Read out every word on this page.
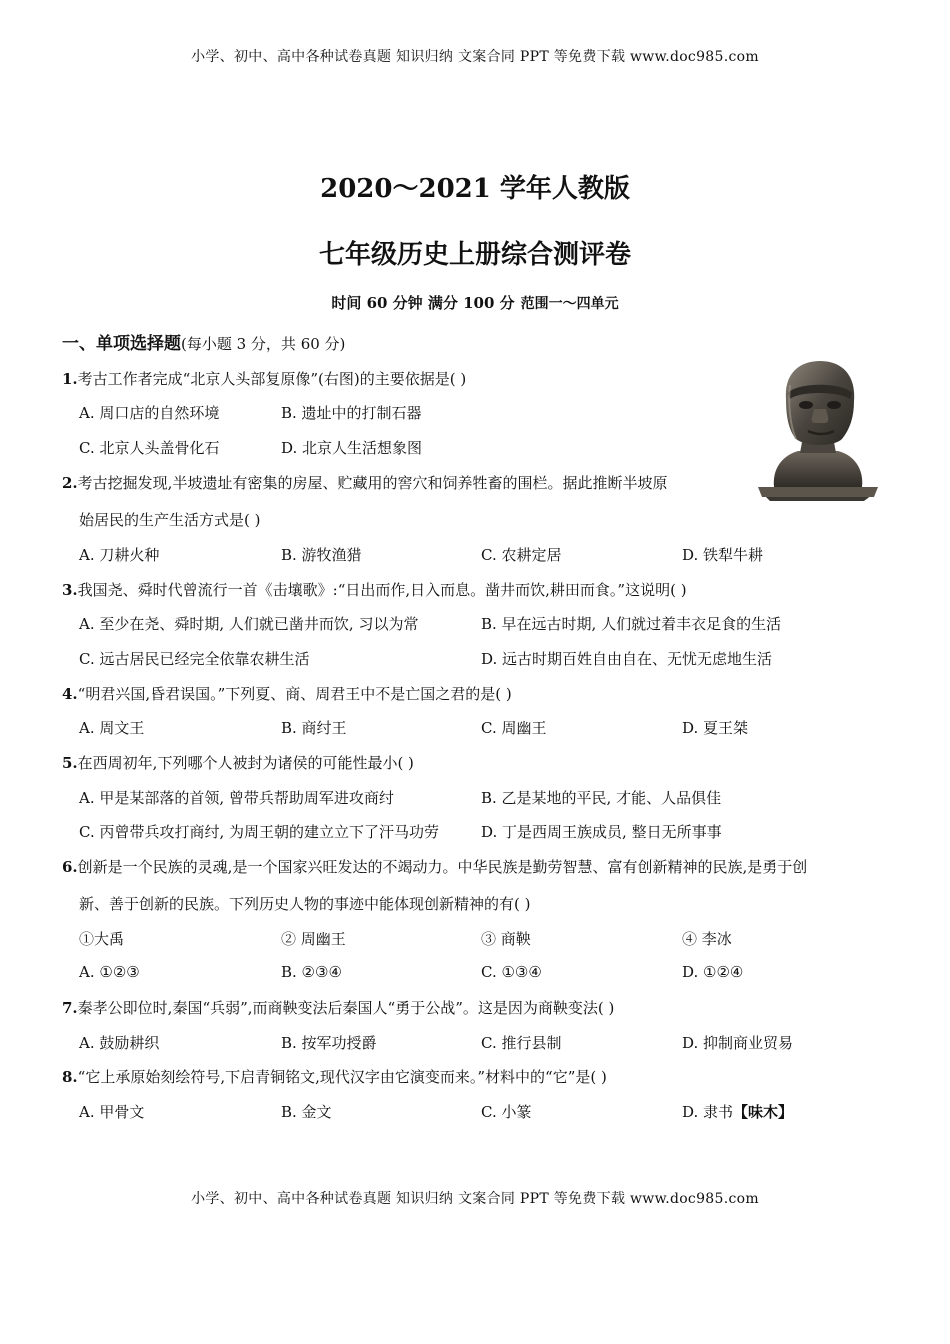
小学、初中、高中各种试卷真题 知识归纳 文案合同 PPT 等免费下载 www.doc985.com
2020～2021 学年人教版
七年级历史上册综合测评卷
时间 60 分钟 满分 100 分 范围一～四单元
一、单项选择题(每小题 3 分，共 60 分)
1.考古工作者完成“北京人头部复原像”(右图)的主要依据是( )
A. 周口店的自然环境	B. 遗址中的打制石器
C. 北京人头盖骨化石	D. 北京人生活想象图
2.考古挖掘发现,半坡遗址有密集的房屋、贮藏用的窖穴和饲养牲畜的围栏。据此推断半坡原
始居民的生产生活方式是( )
A. 刀耕火种	B. 游牧渔猎	C. 农耕定居	D. 铁犁牛耕
3.我国尧、舜时代曾流行一首《击壤歌》:“日出而作,日入而息。凿井而饮,耕田而食。”这说明( )
A. 至少在尧、舜时期, 人们就已凿井而饮, 习以为常	B. 早在远古时期, 人们就过着丰衣足食的生活
C. 远古居民已经完全依靠农耕生活	D. 远古时期百姓自由自在、无忧无虑地生活
4.“明君兴国,昏君误国。”下列夏、商、周君王中不是亡国之君的是( )
A. 周文王	B. 商纣王	C. 周幽王	D. 夏王桀
5.在西周初年,下列哪个人被封为诸侯的可能性最小( )
A. 甲是某部落的首领, 曾带兵帮助周军进攻商纣	B. 乙是某地的平民, 才能、人品俱佳
C. 丙曾带兵攻打商纣, 为周王朝的建立立下了汗马功劳	D. 丁是西周王族成员, 整日无所事事
6.创新是一个民族的灵魂,是一个国家兴旺发达的不竭动力。中华民族是勤劳智慧、富有创新精神的民族,是勇于创
新、善于创新的民族。下列历史人物的事迹中能体现创新精神的有( )
①大禹	② 周幽王	③ 商鞅	④ 李冰
A. ①②③	B. ②③④	C. ①③④	D. ①②④
7.秦孝公即位时,秦国“兵弱”,而商鞅变法后秦国人“勇于公战”。这是因为商鞅变法( )
A. 鼓励耕织	B. 按军功授爵	C. 推行县制	D. 抑制商业贸易
8.“它上承原始刻绘符号,下启青铜铭文,现代汉字由它演变而来。”材料中的“它”是( )
A. 甲骨文	B. 金文	C. 小篆	D. 隶书【味木】
小学、初中、高中各种试卷真题 知识归纳 文案合同 PPT 等免费下载 www.doc985.com
